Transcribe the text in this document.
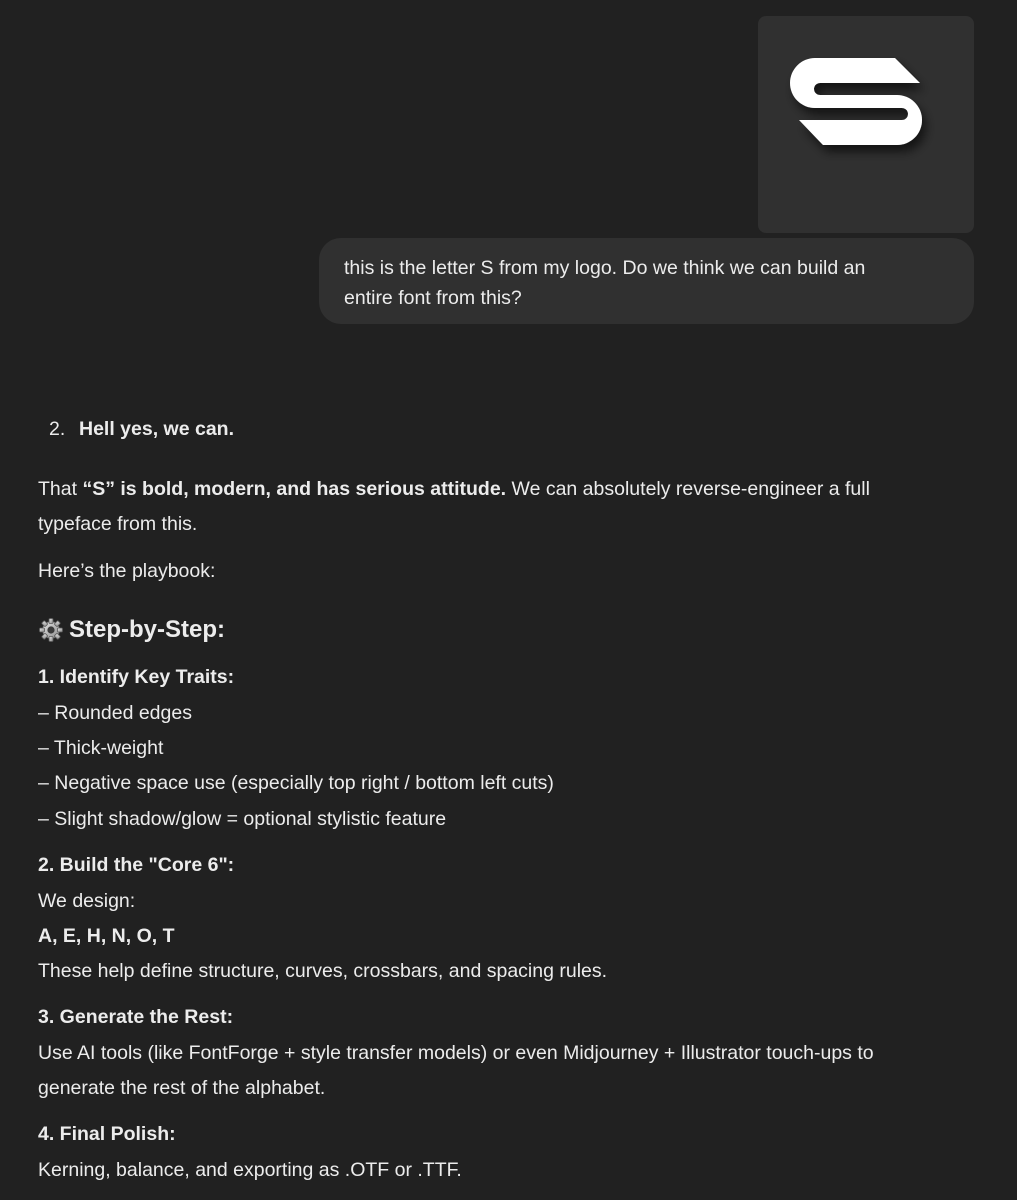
this is the letter S from my logo. Do we think we can build an
entire font from this?
2. Hell yes, we can.
That “S” is bold, modern, and has serious attitude. We can absolutely reverse-engineer a full
typeface from this.
Here’s the playbook:
1. Identify Key Traits:
– Rounded edges
– Thick-weight
– Negative space use (especially top right / bottom left cuts)
– Slight shadow/glow = optional stylistic feature
2. Build the "Core 6":
We design:
A, E, H, N, O, T
These help define structure, curves, crossbars, and spacing rules.
3. Generate the Rest:
Use AI tools (like FontForge + style transfer models) or even Midjourney + Illustrator touch-ups to
generate the rest of the alphabet.
4. Final Polish:
Kerning, balance, and exporting as .OTF or .TTF.
Step-by-Step:
